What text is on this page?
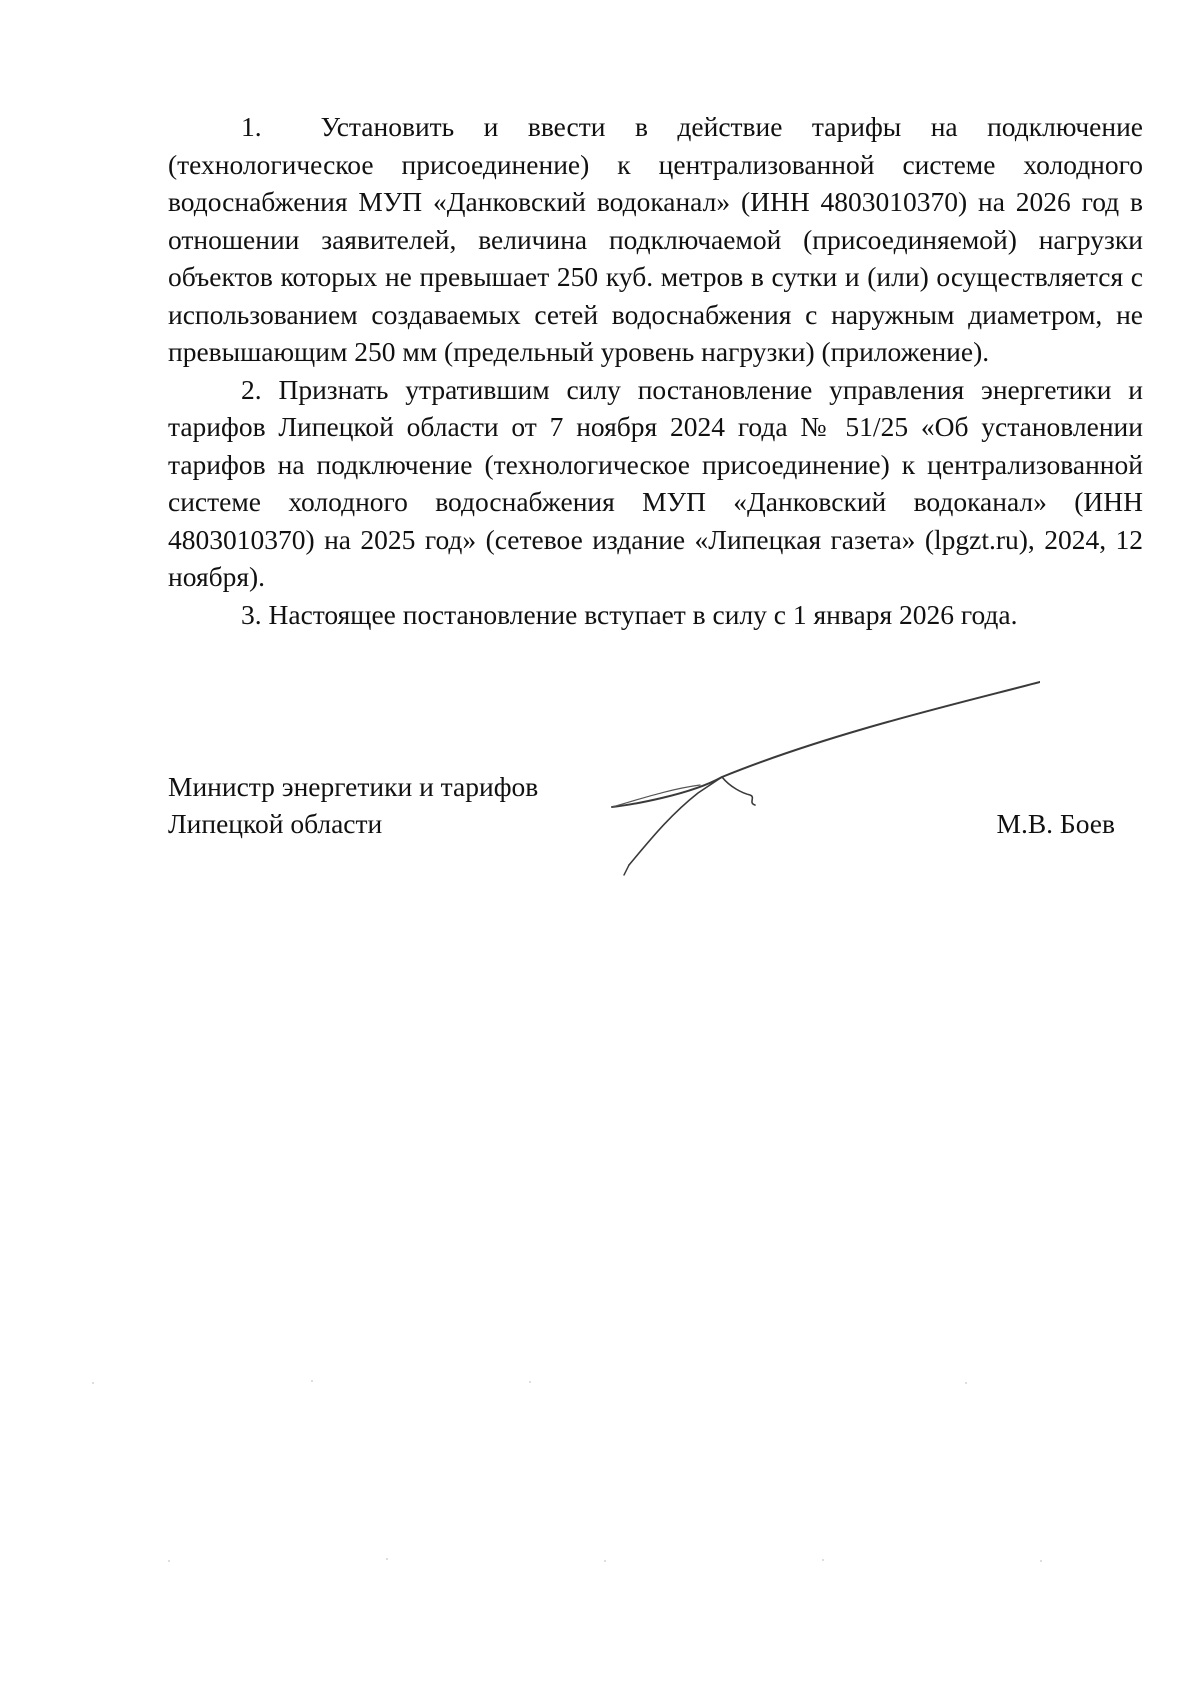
1. Установить и ввести в действие тарифы на подключение (технологическое присоединение) к централизованной системе холодного водоснабжения МУП «Данковский водоканал» (ИНН 4803010370) на 2026 год в отношении заявителей, величина подключаемой (присоединяемой) нагрузки объектов которых не превышает 250 куб. метров в сутки и (или) осуществляется с использованием создаваемых сетей водоснабжения с наружным диаметром, не превышающим 250 мм (предельный уровень нагрузки) (приложение).

2. Признать утратившим силу постановление управления энергетики и тарифов Липецкой области от 7 ноября 2024 года № 51/25 «Об установлении тарифов на подключение (технологическое присоединение) к централизованной системе холодного водоснабжения МУП «Данковский водоканал» (ИНН 4803010370) на 2025 год» (сетевое издание «Липецкая газета» (lpgzt.ru), 2024, 12 ноября).

3. Настоящее постановление вступает в силу с 1 января 2026 года.

Министр энергетики и тарифов
Липецкой области	М.В. Боев
